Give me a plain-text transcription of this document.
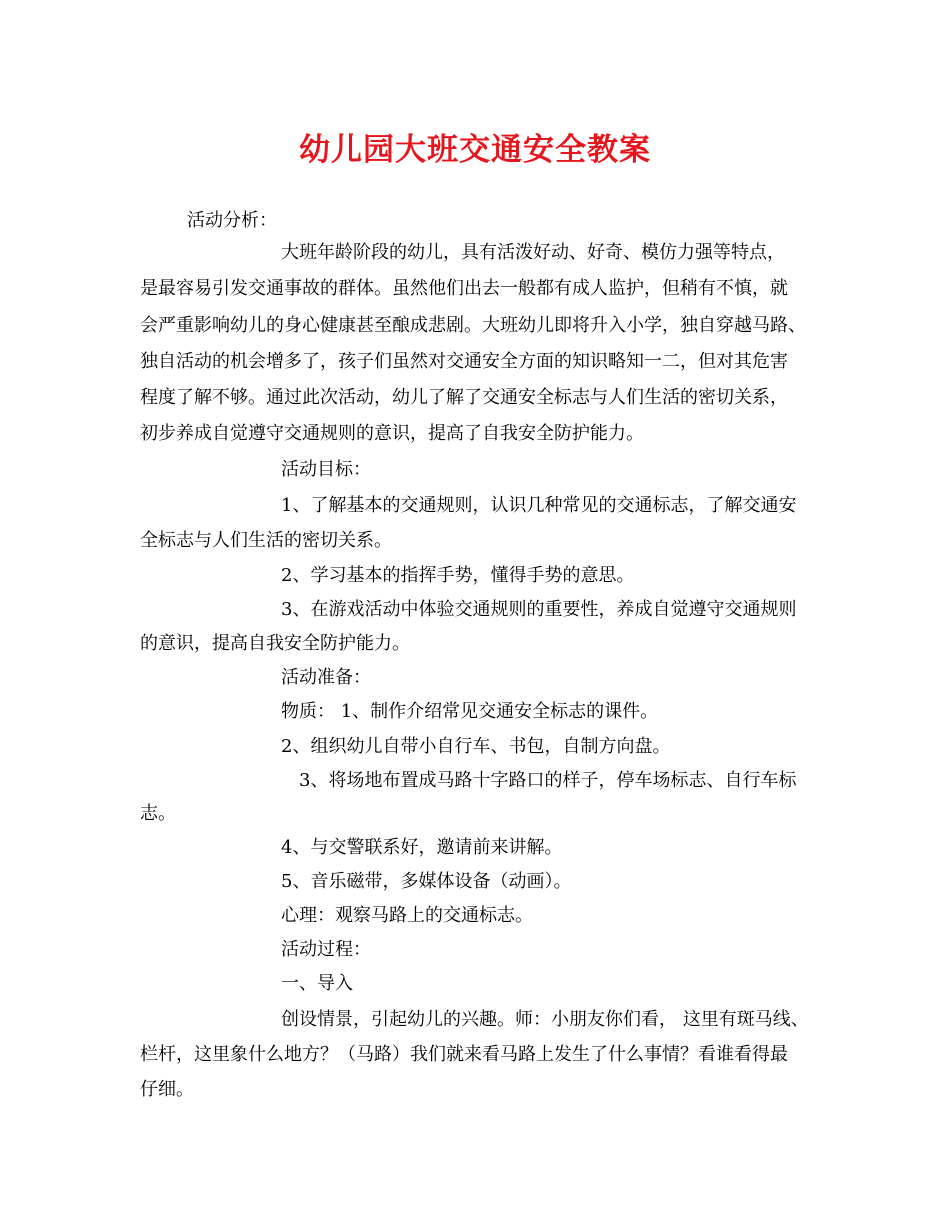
幼儿园大班交通安全教案

活动分析：

大班年龄阶段的幼儿，具有活泼好动、好奇、模仿力强等特点，

是最容易引发交通事故的群体。虽然他们出去一般都有成人监护，但稍有不慎，就

会严重影响幼儿的身心健康甚至酿成悲剧。大班幼儿即将升入小学，独自穿越马路、

独自活动的机会增多了，孩子们虽然对交通安全方面的知识略知一二，但对其危害

程度了解不够。通过此次活动，幼儿了解了交通安全标志与人们生活的密切关系，

初步养成自觉遵守交通规则的意识，提高了自我安全防护能力。

活动目标：

1、了解基本的交通规则，认识几种常见的交通标志，了解交通安

全标志与人们生活的密切关系。

2、学习基本的指挥手势，懂得手势的意思。

3、在游戏活动中体验交通规则的重要性，养成自觉遵守交通规则

的意识，提高自我安全防护能力。

活动准备：

物质： 1、制作介绍常见交通安全标志的课件。

2、组织幼儿自带小自行车、书包，自制方向盘。

3、将场地布置成马路十字路口的样子，停车场标志、自行车标

志。

4、与交警联系好，邀请前来讲解。

5、音乐磁带，多媒体设备（动画）。

心理：观察马路上的交通标志。

活动过程：

一、导入

创设情景，引起幼儿的兴趣。师：小朋友你们看， 这里有斑马线、

栏杆，这里象什么地方？（马路）我们就来看马路上发生了什么事情？看谁看得最

仔细。
